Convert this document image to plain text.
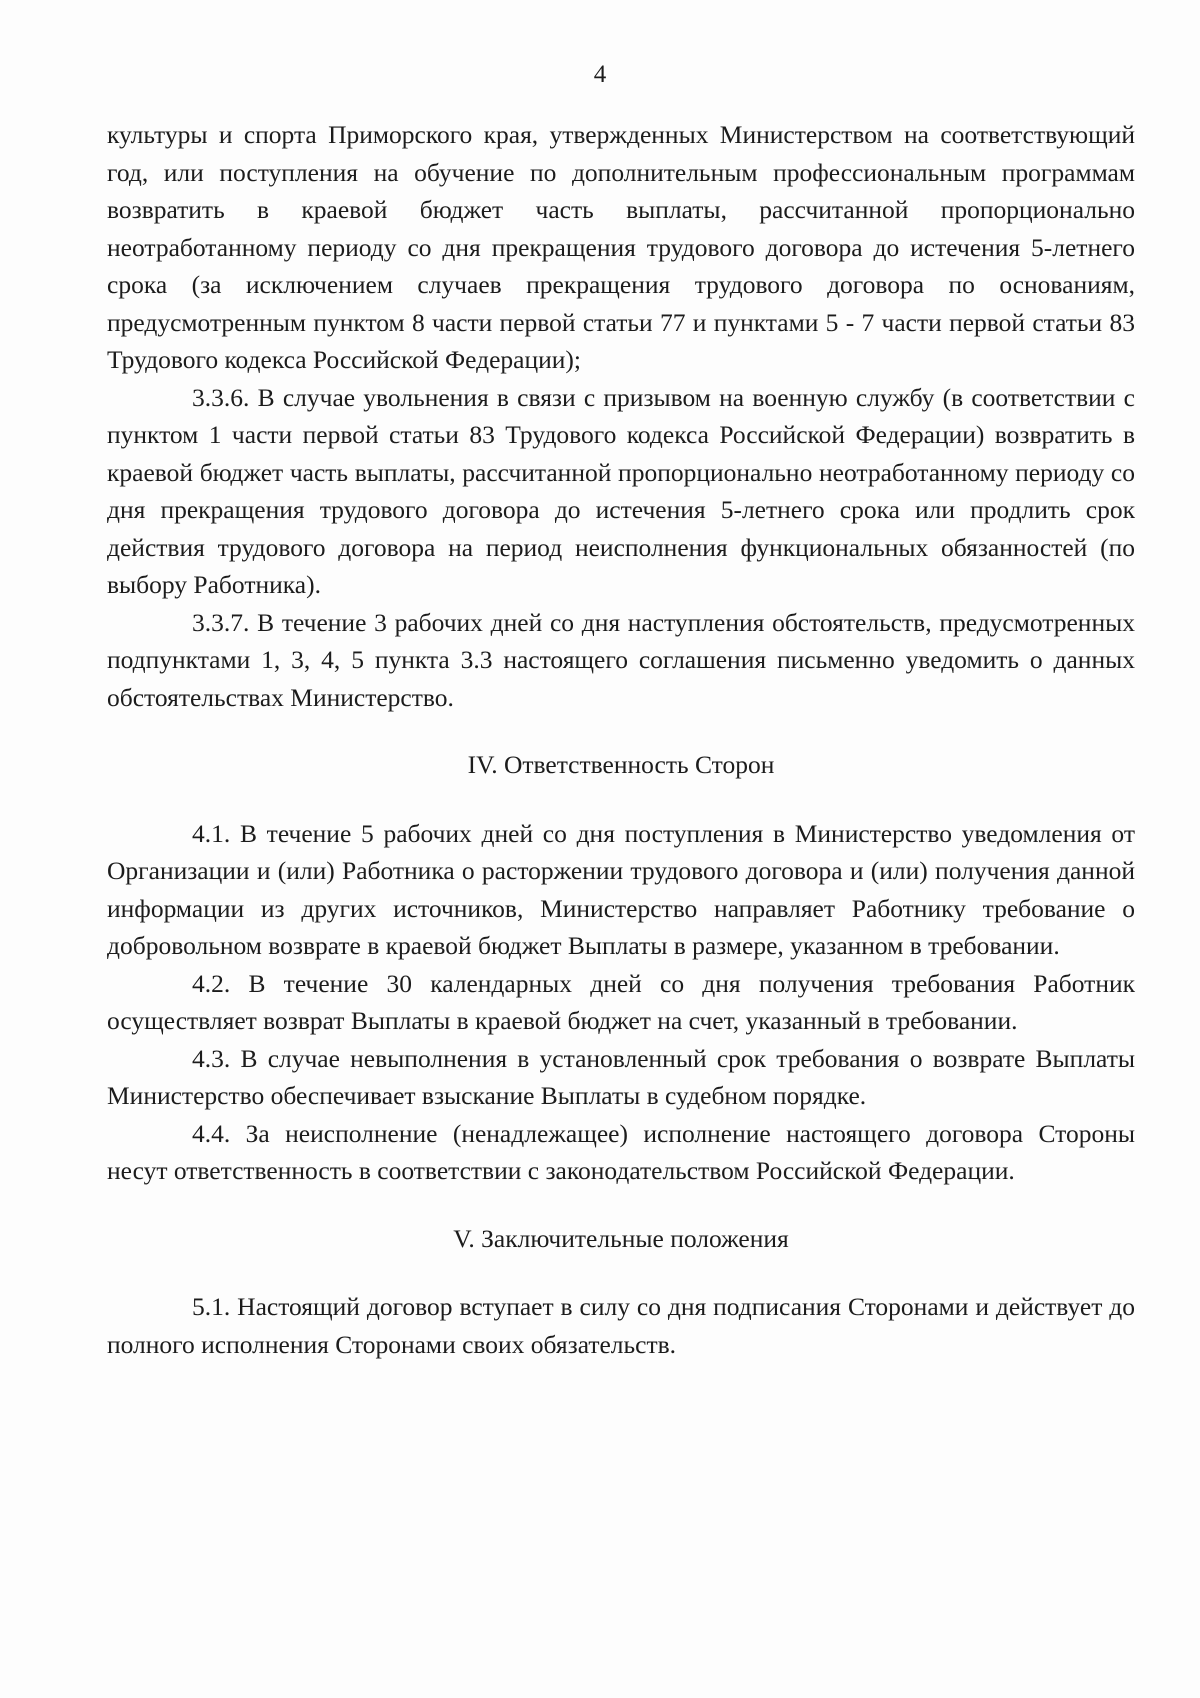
4

культуры и спорта Приморского края, утвержденных Министерством на соответствующий год, или поступления на обучение по дополнительным профессиональным программам возвратить в краевой бюджет часть выплаты, рассчитанной пропорционально неотработанному периоду со дня прекращения трудового договора до истечения 5-летнего срока (за исключением случаев прекращения трудового договора по основаниям, предусмотренным пунктом 8 части первой статьи 77 и пунктами 5 - 7 части первой статьи 83 Трудового кодекса Российской Федерации);

3.3.6. В случае увольнения в связи с призывом на военную службу (в соответствии с пунктом 1 части первой статьи 83 Трудового кодекса Российской Федерации) возвратить в краевой бюджет часть выплаты, рассчитанной пропорционально неотработанному периоду со дня прекращения трудового договора до истечения 5-летнего срока или продлить срок действия трудового договора на период неисполнения функциональных обязанностей (по выбору Работника).

3.3.7. В течение 3 рабочих дней со дня наступления обстоятельств, предусмотренных подпунктами 1, 3, 4, 5 пункта 3.3 настоящего соглашения письменно уведомить о данных обстоятельствах Министерство.

IV. Ответственность Сторон

4.1. В течение 5 рабочих дней со дня поступления в Министерство уведомления от Организации и (или) Работника о расторжении трудового договора и (или) получения данной информации из других источников, Министерство направляет Работнику требование о добровольном возврате в краевой бюджет Выплаты в размере, указанном в требовании.

4.2. В течение 30 календарных дней со дня получения требования Работник осуществляет возврат Выплаты в краевой бюджет на счет, указанный в требовании.

4.3. В случае невыполнения в установленный срок требования о возврате Выплаты Министерство обеспечивает взыскание Выплаты в судебном порядке.

4.4. За неисполнение (ненадлежащее) исполнение настоящего договора Стороны несут ответственность в соответствии с законодательством Российской Федерации.

V. Заключительные положения

5.1. Настоящий договор вступает в силу со дня подписания Сторонами и действует до полного исполнения Сторонами своих обязательств.
